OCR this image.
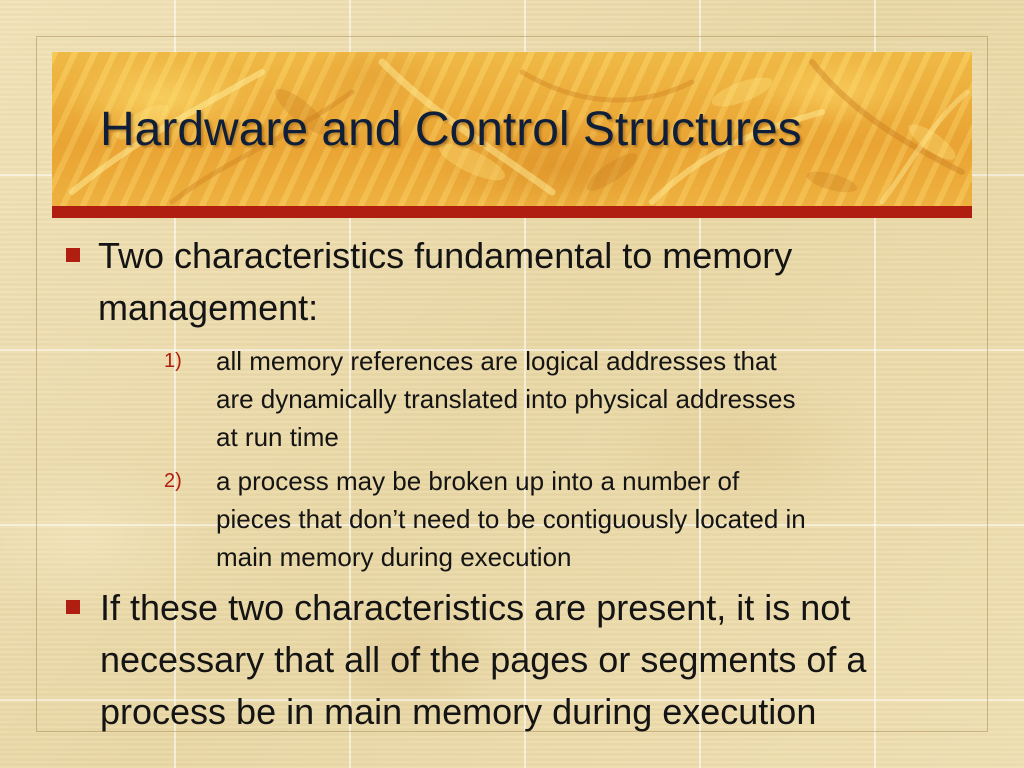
Hardware and Control Structures
Two characteristics fundamental to memory management:
1) all memory references are logical addresses that are dynamically translated into physical addresses at run time
2) a process may be broken up into a number of pieces that don’t need to be contiguously located in main memory during execution
If these two characteristics are present, it is not necessary that all of the pages or segments of a process be in main memory during execution
